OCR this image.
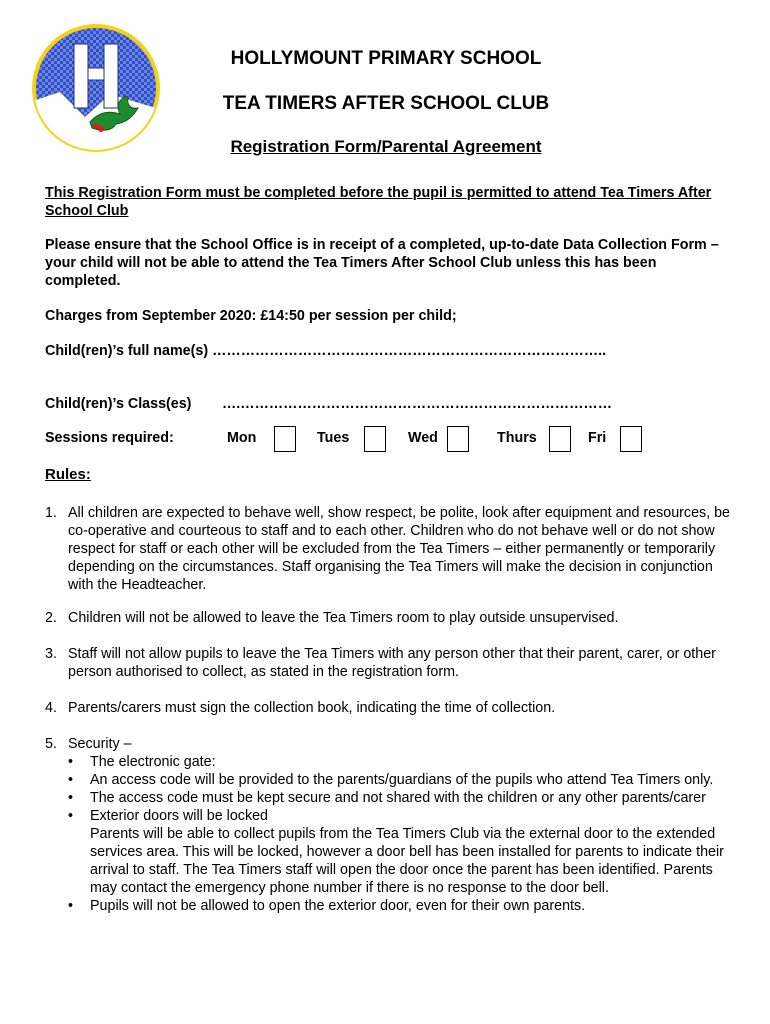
HOLLYMOUNT PRIMARY SCHOOL
TEA TIMERS AFTER SCHOOL CLUB
Registration Form/Parental Agreement
This Registration Form must be completed before the pupil is permitted to attend Tea Timers After School Club
Please ensure that the School Office is in receipt of a completed, up-to-date Data Collection Form – your child will not be able to attend the Tea Timers After School Club unless this has been completed.
Charges from September 2020: £14:50 per session per child;
Child(ren)’s full name(s) ………………………………………………………………………..
Child(ren)’s Class(es) ….……………………………………………………………………
Sessions required:	Mon	Tues	Wed	Thurs	Fri
Rules:
1. All children are expected to behave well, show respect, be polite, look after equipment and resources, be co-operative and courteous to staff and to each other. Children who do not behave well or do not show respect for staff or each other will be excluded from the Tea Timers – either permanently or temporarily depending on the circumstances. Staff organising the Tea Timers will make the decision in conjunction with the Headteacher.
2. Children will not be allowed to leave the Tea Timers room to play outside unsupervised.
3. Staff will not allow pupils to leave the Tea Timers with any person other that their parent, carer, or other person authorised to collect, as stated in the registration form.
4. Parents/carers must sign the collection book, indicating the time of collection.
5. Security –
• The electronic gate:
• An access code will be provided to the parents/guardians of the pupils who attend Tea Timers only.
• The access code must be kept secure and not shared with the children or any other parents/carer
• Exterior doors will be locked
Parents will be able to collect pupils from the Tea Timers Club via the external door to the extended services area. This will be locked, however a door bell has been installed for parents to indicate their arrival to staff. The Tea Timers staff will open the door once the parent has been identified. Parents may contact the emergency phone number if there is no response to the door bell.
• Pupils will not be allowed to open the exterior door, even for their own parents.
